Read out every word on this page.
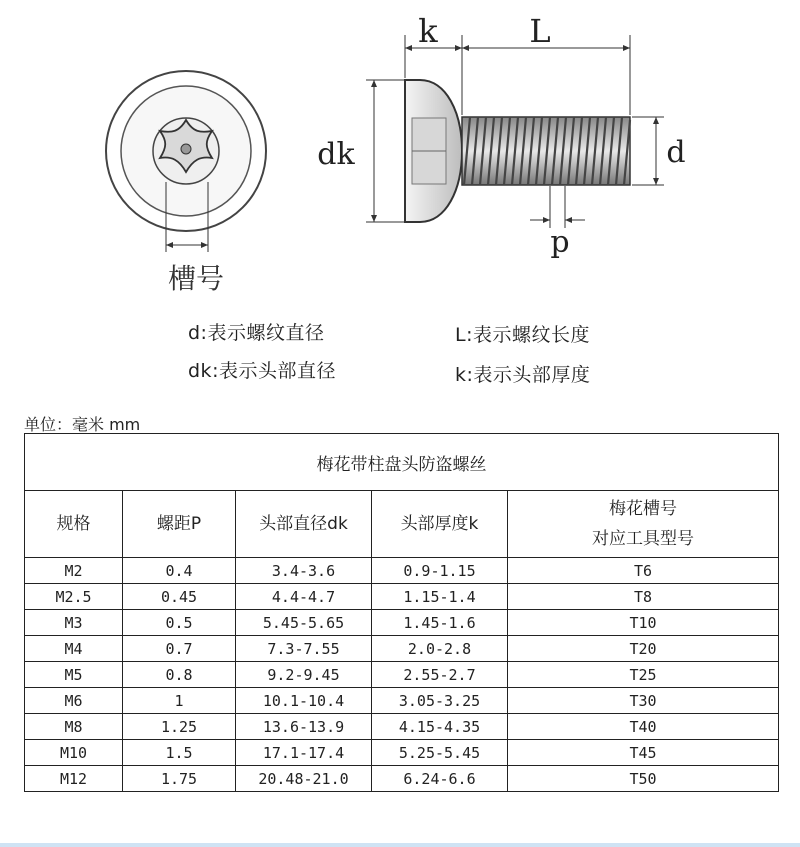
槽号
k	L
dk	d
p
d:表示螺纹直径	L:表示螺纹长度
dk:表示头部直径	k:表示头部厚度
单位：毫米 mm
梅花带柱盘头防盗螺丝				
规格	螺距P	头部直径dk	头部厚度k	梅花槽号
对应工具型号

M2	0.4	3.4-3.6	0.9-1.15	T6
M2.5	0.45	4.4-4.7	1.15-1.4	T8
M3	0.5	5.45-5.65	1.45-1.6	T10
M4	0.7	7.3-7.55	2.0-2.8	T20
M5	0.8	9.2-9.45	2.55-2.7	T25
M6	1	10.1-10.4	3.05-3.25	T30
M8	1.25	13.6-13.9	4.15-4.35	T40
M10	1.5	17.1-17.4	5.25-5.45	T45
M12	1.75	20.48-21.0	6.24-6.6	T50
